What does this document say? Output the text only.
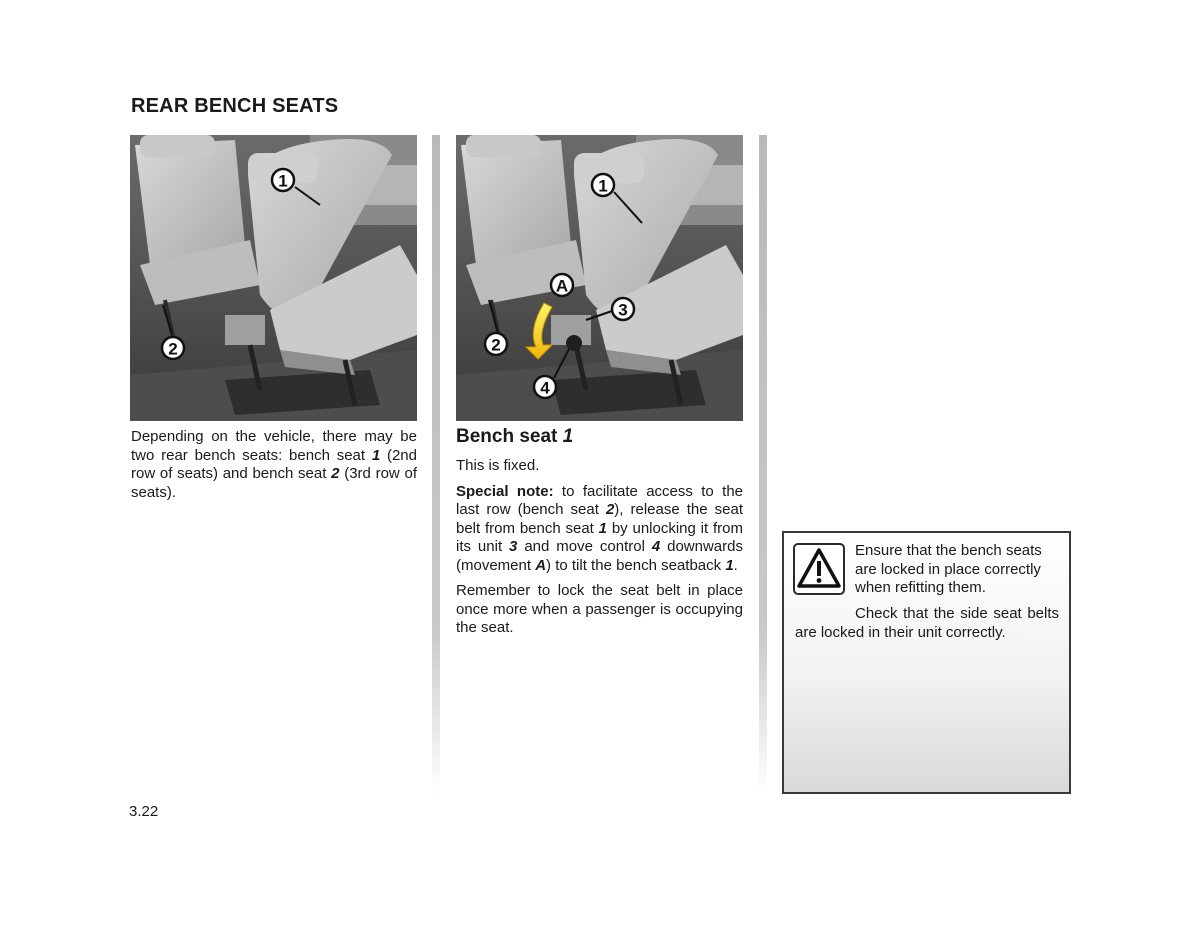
REAR BENCH SEATS
1
2
1
A
3
2
4

Depending on the vehicle, there may be two rear bench seats: bench seat 1 (2nd row of seats) and bench seat 2 (3rd row of seats).

Bench seat 1

This is fixed.

Special note: to facilitate access to the last row (bench seat 2), release the seat belt from bench seat 1 by unlocking it from its unit 3 and move control 4 downwards (movement A) to tilt the bench seatback 1.

Remember to lock the seat belt in place once more when a passenger is occupying the seat.

Ensure that the bench seats are locked in place correctly when refitting them.

Check that the side seat belts are locked in their unit correctly.

3.22
